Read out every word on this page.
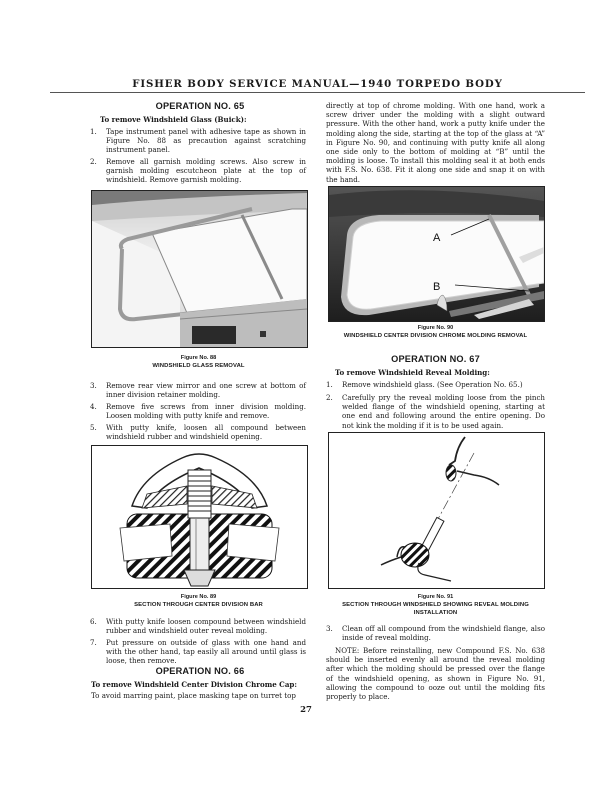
FISHER BODY SERVICE MANUAL—1940 TORPEDO BODY
OPERATION NO. 65
To remove Windshield Glass (Buick):
1. Tape instrument panel with adhesive tape as shown in Figure No. 88 as precaution against scratching instrument panel.
2. Remove all garnish molding screws. Also screw in garnish molding escutcheon plate at the top of windshield. Remove garnish molding.
Figure No. 88
WINDSHIELD GLASS REMOVAL
3. Remove rear view mirror and one screw at bottom of inner division retainer molding.
4. Remove five screws from inner division molding. Loosen molding with putty knife and remove.
5. With putty knife, loosen all compound between windshield rubber and windshield opening.
Figure No. 89
SECTION THROUGH CENTER DIVISION BAR
6. With putty knife loosen compound between windshield rubber and windshield outer reveal molding.
7. Put pressure on outside of glass with one hand and with the other hand, tap easily all around until glass is loose, then remove.
OPERATION NO. 66
To remove Windshield Center Division Chrome Cap:
To avoid marring paint, place masking tape on turret top
directly at top of chrome molding. With one hand, work a screw driver under the molding with a slight outward pressure. With the other hand, work a putty knife under the molding along the side, starting at the top of the glass at “A” in Figure No. 90, and continuing with putty knife all along one side only to the bottom of molding at “B” until the molding is loose. To install this molding seal it at both ends with F.S. No. 638. Fit it along one side and snap it on with the hand.
A
B
Figure No. 90
WINDSHIELD CENTER DIVISION CHROME MOLDING REMOVAL
OPERATION NO. 67
To remove Windshield Reveal Molding:
1. Remove windshield glass. (See Operation No. 65.)
2. Carefully pry the reveal molding loose from the pinch welded flange of the windshield opening, starting at one end and following around the entire opening. Do not kink the molding if it is to be used again.
Figure No. 91
SECTION THROUGH WINDSHIELD SHOWING REVEAL MOLDING INSTALLATION
3. Clean off all compound from the windshield flange, also inside of reveal molding.
NOTE: Before reinstalling, new Compound F.S. No. 638 should be inserted evenly all around the reveal molding after which the molding should be pressed over the flange of the windshield opening, as shown in Figure No. 91, allowing the compound to ooze out until the molding fits properly to place.
27
